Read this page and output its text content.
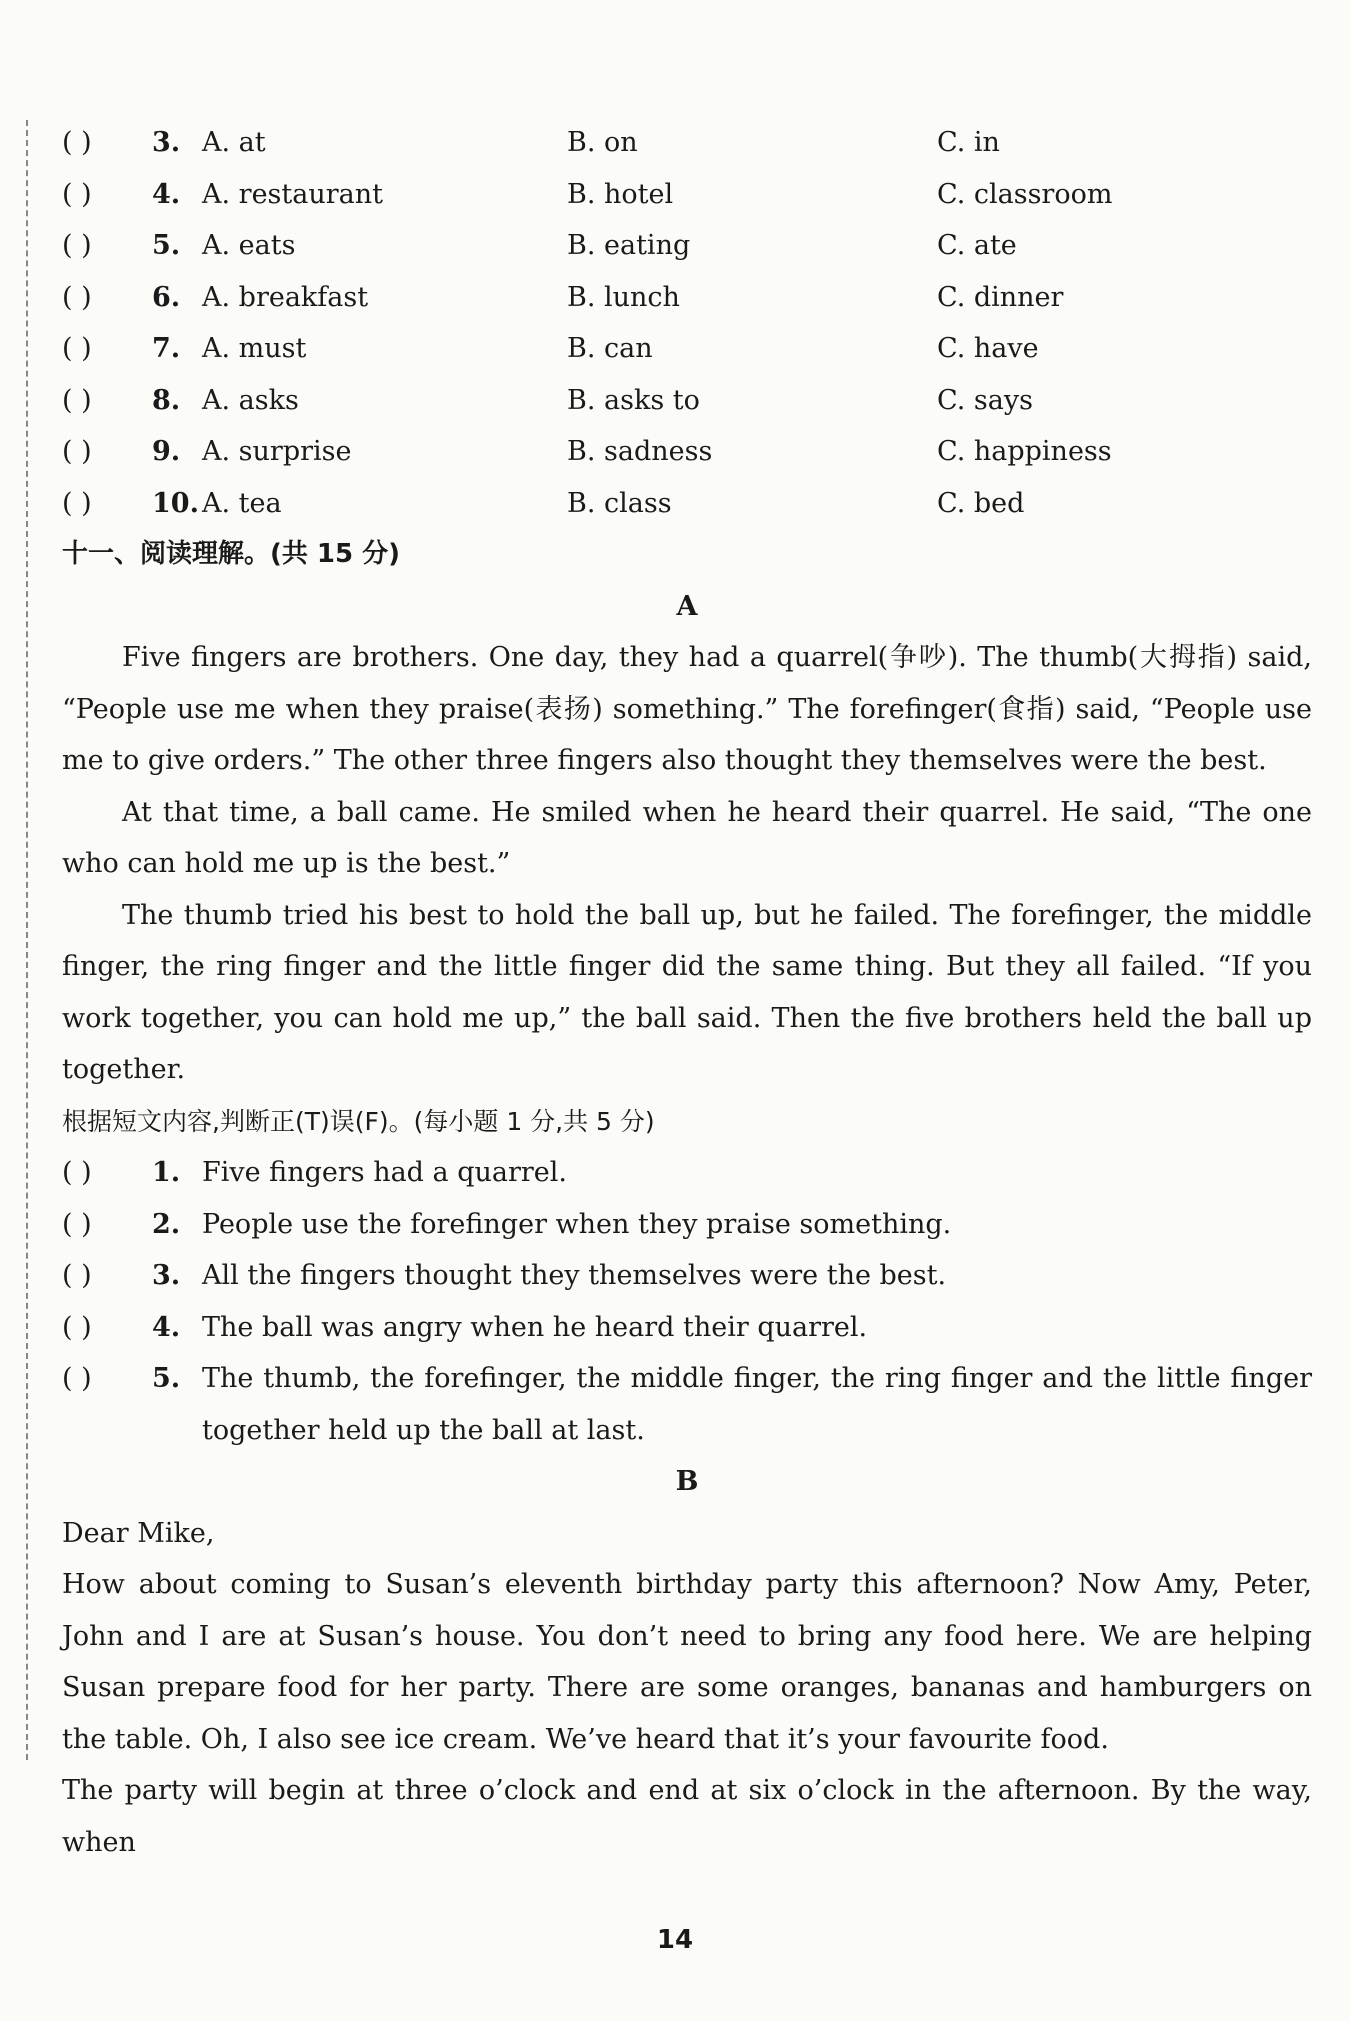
( ) 3. A. at	B. on	C. in
( ) 4. A. restaurant	B. hotel	C. classroom
( ) 5. A. eats	B. eating	C. ate
( ) 6. A. breakfast	B. lunch	C. dinner
( ) 7. A. must	B. can	C. have
( ) 8. A. asks	B. asks to	C. says
( ) 9. A. surprise	B. sadness	C. happiness
( ) 10. A. tea	B. class	C. bed
十一、阅读理解。(共 15 分)
A
Five fingers are brothers. One day, they had a quarrel(争吵). The thumb(大拇指) said, “People use me when they praise(表扬) something.” The forefinger(食指) said, “People use me to give orders.” The other three fingers also thought they themselves were the best.
At that time, a ball came. He smiled when he heard their quarrel. He said, “The one who can hold me up is the best.”
The thumb tried his best to hold the ball up, but he failed. The forefinger, the middle finger, the ring finger and the little finger did the same thing. But they all failed. “If you work together, you can hold me up,” the ball said. Then the five brothers held the ball up together.
根据短文内容,判断正(T)误(F)。(每小题 1 分,共 5 分)
( ) 1. Five fingers had a quarrel.
( ) 2. People use the forefinger when they praise something.
( ) 3. All the fingers thought they themselves were the best.
( ) 4. The ball was angry when he heard their quarrel.
( ) 5. The thumb, the forefinger, the middle finger, the ring finger and the little finger together held up the ball at last.
B
Dear Mike,
How about coming to Susan’s eleventh birthday party this afternoon? Now Amy, Peter, John and I are at Susan’s house. You don’t need to bring any food here. We are helping Susan prepare food for her party. There are some oranges, bananas and hamburgers on the table. Oh, I also see ice cream. We’ve heard that it’s your favourite food.
The party will begin at three o’clock and end at six o’clock in the afternoon. By the way, when
14
